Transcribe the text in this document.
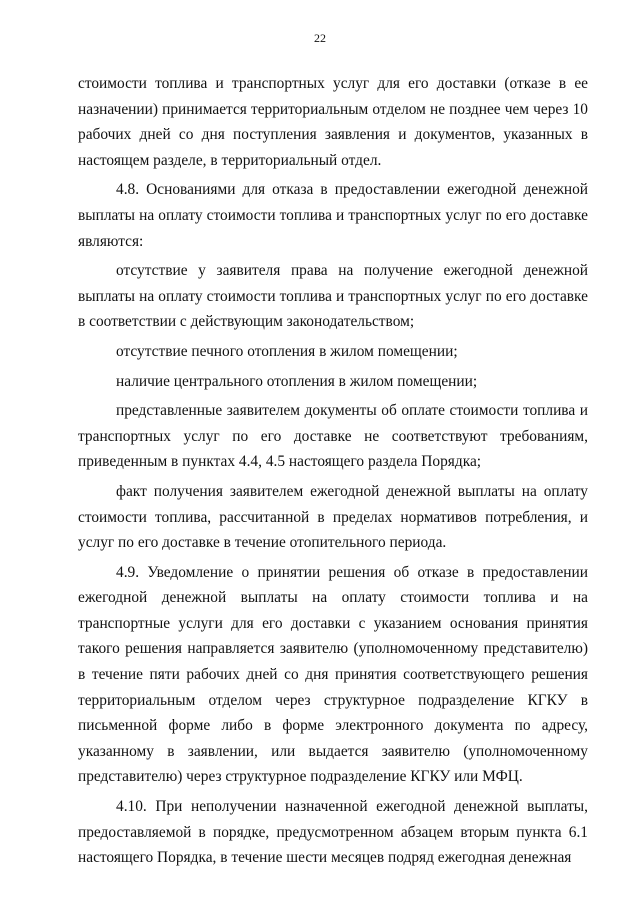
22

стоимости топлива и транспортных услуг для его доставки (отказе в ее назначении) принимается территориальным отделом не позднее чем через 10 рабочих дней со дня поступления заявления и документов, указанных в настоящем разделе, в территориальный отдел.

4.8. Основаниями для отказа в предоставлении ежегодной денежной выплаты на оплату стоимости топлива и транспортных услуг по его доставке являются:

отсутствие у заявителя права на получение ежегодной денежной выплаты на оплату стоимости топлива и транспортных услуг по его доставке в соответствии с действующим законодательством;

отсутствие печного отопления в жилом помещении;

наличие центрального отопления в жилом помещении;

представленные заявителем документы об оплате стоимости топлива и транспортных услуг по его доставке не соответствуют требованиям, приведенным в пунктах 4.4, 4.5 настоящего раздела Порядка;

факт получения заявителем ежегодной денежной выплаты на оплату стоимости топлива, рассчитанной в пределах нормативов потребления, и услуг по его доставке в течение отопительного периода.

4.9. Уведомление о принятии решения об отказе в предоставлении ежегодной денежной выплаты на оплату стоимости топлива и на транспортные услуги для его доставки с указанием основания принятия такого решения направляется заявителю (уполномоченному представителю) в течение пяти рабочих дней со дня принятия соответствующего решения территориальным отделом через структурное подразделение КГКУ в письменной форме либо в форме электронного документа по адресу, указанному в заявлении, или выдается заявителю (уполномоченному представителю) через структурное подразделение КГКУ или МФЦ.

4.10. При неполучении назначенной ежегодной денежной выплаты, предоставляемой в порядке, предусмотренном абзацем вторым пункта 6.1 настоящего Порядка, в течение шести месяцев подряд ежегодная денежная
